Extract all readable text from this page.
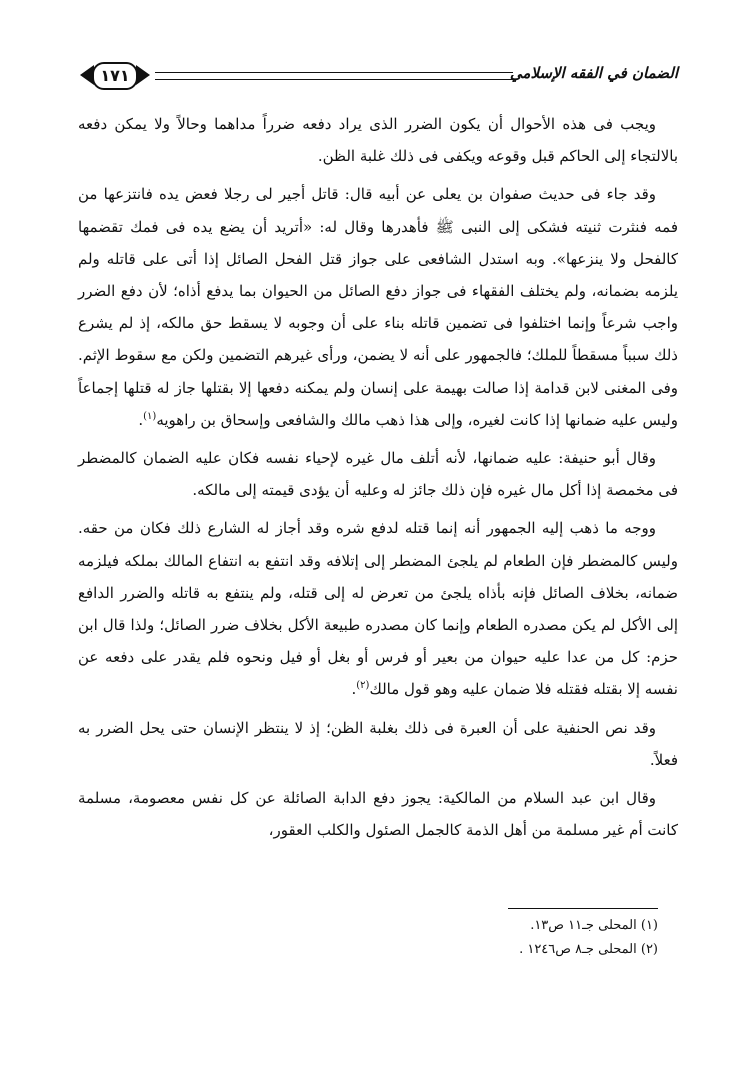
الضمان في الفقه الإسلامي
١٧١

ويجب فى هذه الأحوال أن يكون الضرر الذى يراد دفعه ضرراً مداهما وحالاً ولا يمكن دفعه بالالتجاء إلى الحاكم قبل وقوعه ويكفى فى ذلك غلبة الظن.

وقد جاء فى حديث صفوان بن يعلى عن أبيه قال: قاتل أجير لى رجلا فعض يده فانتزعها من فمه فنثرت ثنيته فشكى إلى النبى ﷺ فأهدرها وقال له: «أتريد أن يضع يده فى فمك تقضمها كالفحل ولا ينزعها». وبه استدل الشافعى على جواز قتل الفحل الصائل إذا أتى على قاتله ولم يلزمه بضمانه، ولم يختلف الفقهاء فى جواز دفع الصائل من الحيوان بما يدفع أذاه؛ لأن دفع الضرر واجب شرعاً وإنما اختلفوا فى تضمين قاتله بناء على أن وجوبه لا يسقط حق مالكه، إذ لم يشرع ذلك سبباً مسقطاً للملك؛ فالجمهور على أنه لا يضمن، ورأى غيرهم التضمين ولكن مع سقوط الإثم. وفى المغنى لابن قدامة إذا صالت بهيمة على إنسان ولم يمكنه دفعها إلا بقتلها جاز له قتلها إجماعاً وليس عليه ضمانها إذا كانت لغيره، وإلى هذا ذهب مالك والشافعى وإسحاق بن راهويه$^{(١)}$.

وقال أبو حنيفة: عليه ضمانها، لأنه أتلف مال غيره لإحياء نفسه فكان عليه الضمان كالمضطر فى مخمصة إذا أكل مال غيره فإن ذلك جائز له وعليه أن يؤدى قيمته إلى مالكه.

ووجه ما ذهب إليه الجمهور أنه إنما قتله لدفع شره وقد أجاز له الشارع ذلك فكان من حقه. وليس كالمضطر فإن الطعام لم يلجئ المضطر إلى إتلافه وقد انتفع به انتفاع المالك بملكه فيلزمه ضمانه، بخلاف الصائل فإنه بأذاه يلجئ من تعرض له إلى قتله، ولم ينتفع به قاتله والضرر الدافع إلى الأكل لم يكن مصدره الطعام وإنما كان مصدره طبيعة الأكل بخلاف ضرر الصائل؛ ولذا قال ابن حزم: كل من عدا عليه حيوان من بعير أو فرس أو بغل أو فيل ونحوه فلم يقدر على دفعه عن نفسه إلا بقتله فقتله فلا ضمان عليه وهو قول مالك$^{(٢)}$.

وقد نص الحنفية على أن العبرة فى ذلك بغلبة الظن؛ إذ لا ينتظر الإنسان حتى يحل الضرر به فعلاً.

وقال ابن عبد السلام من المالكية: يجوز دفع الدابة الصائلة عن كل نفس معصومة، مسلمة كانت أم غير مسلمة من أهل الذمة كالجمل الصئول والكلب العقور،

(١) المحلى جـ١١ ص١٣.
(٢) المحلى جـ٨ ص١٢٤٦ .
